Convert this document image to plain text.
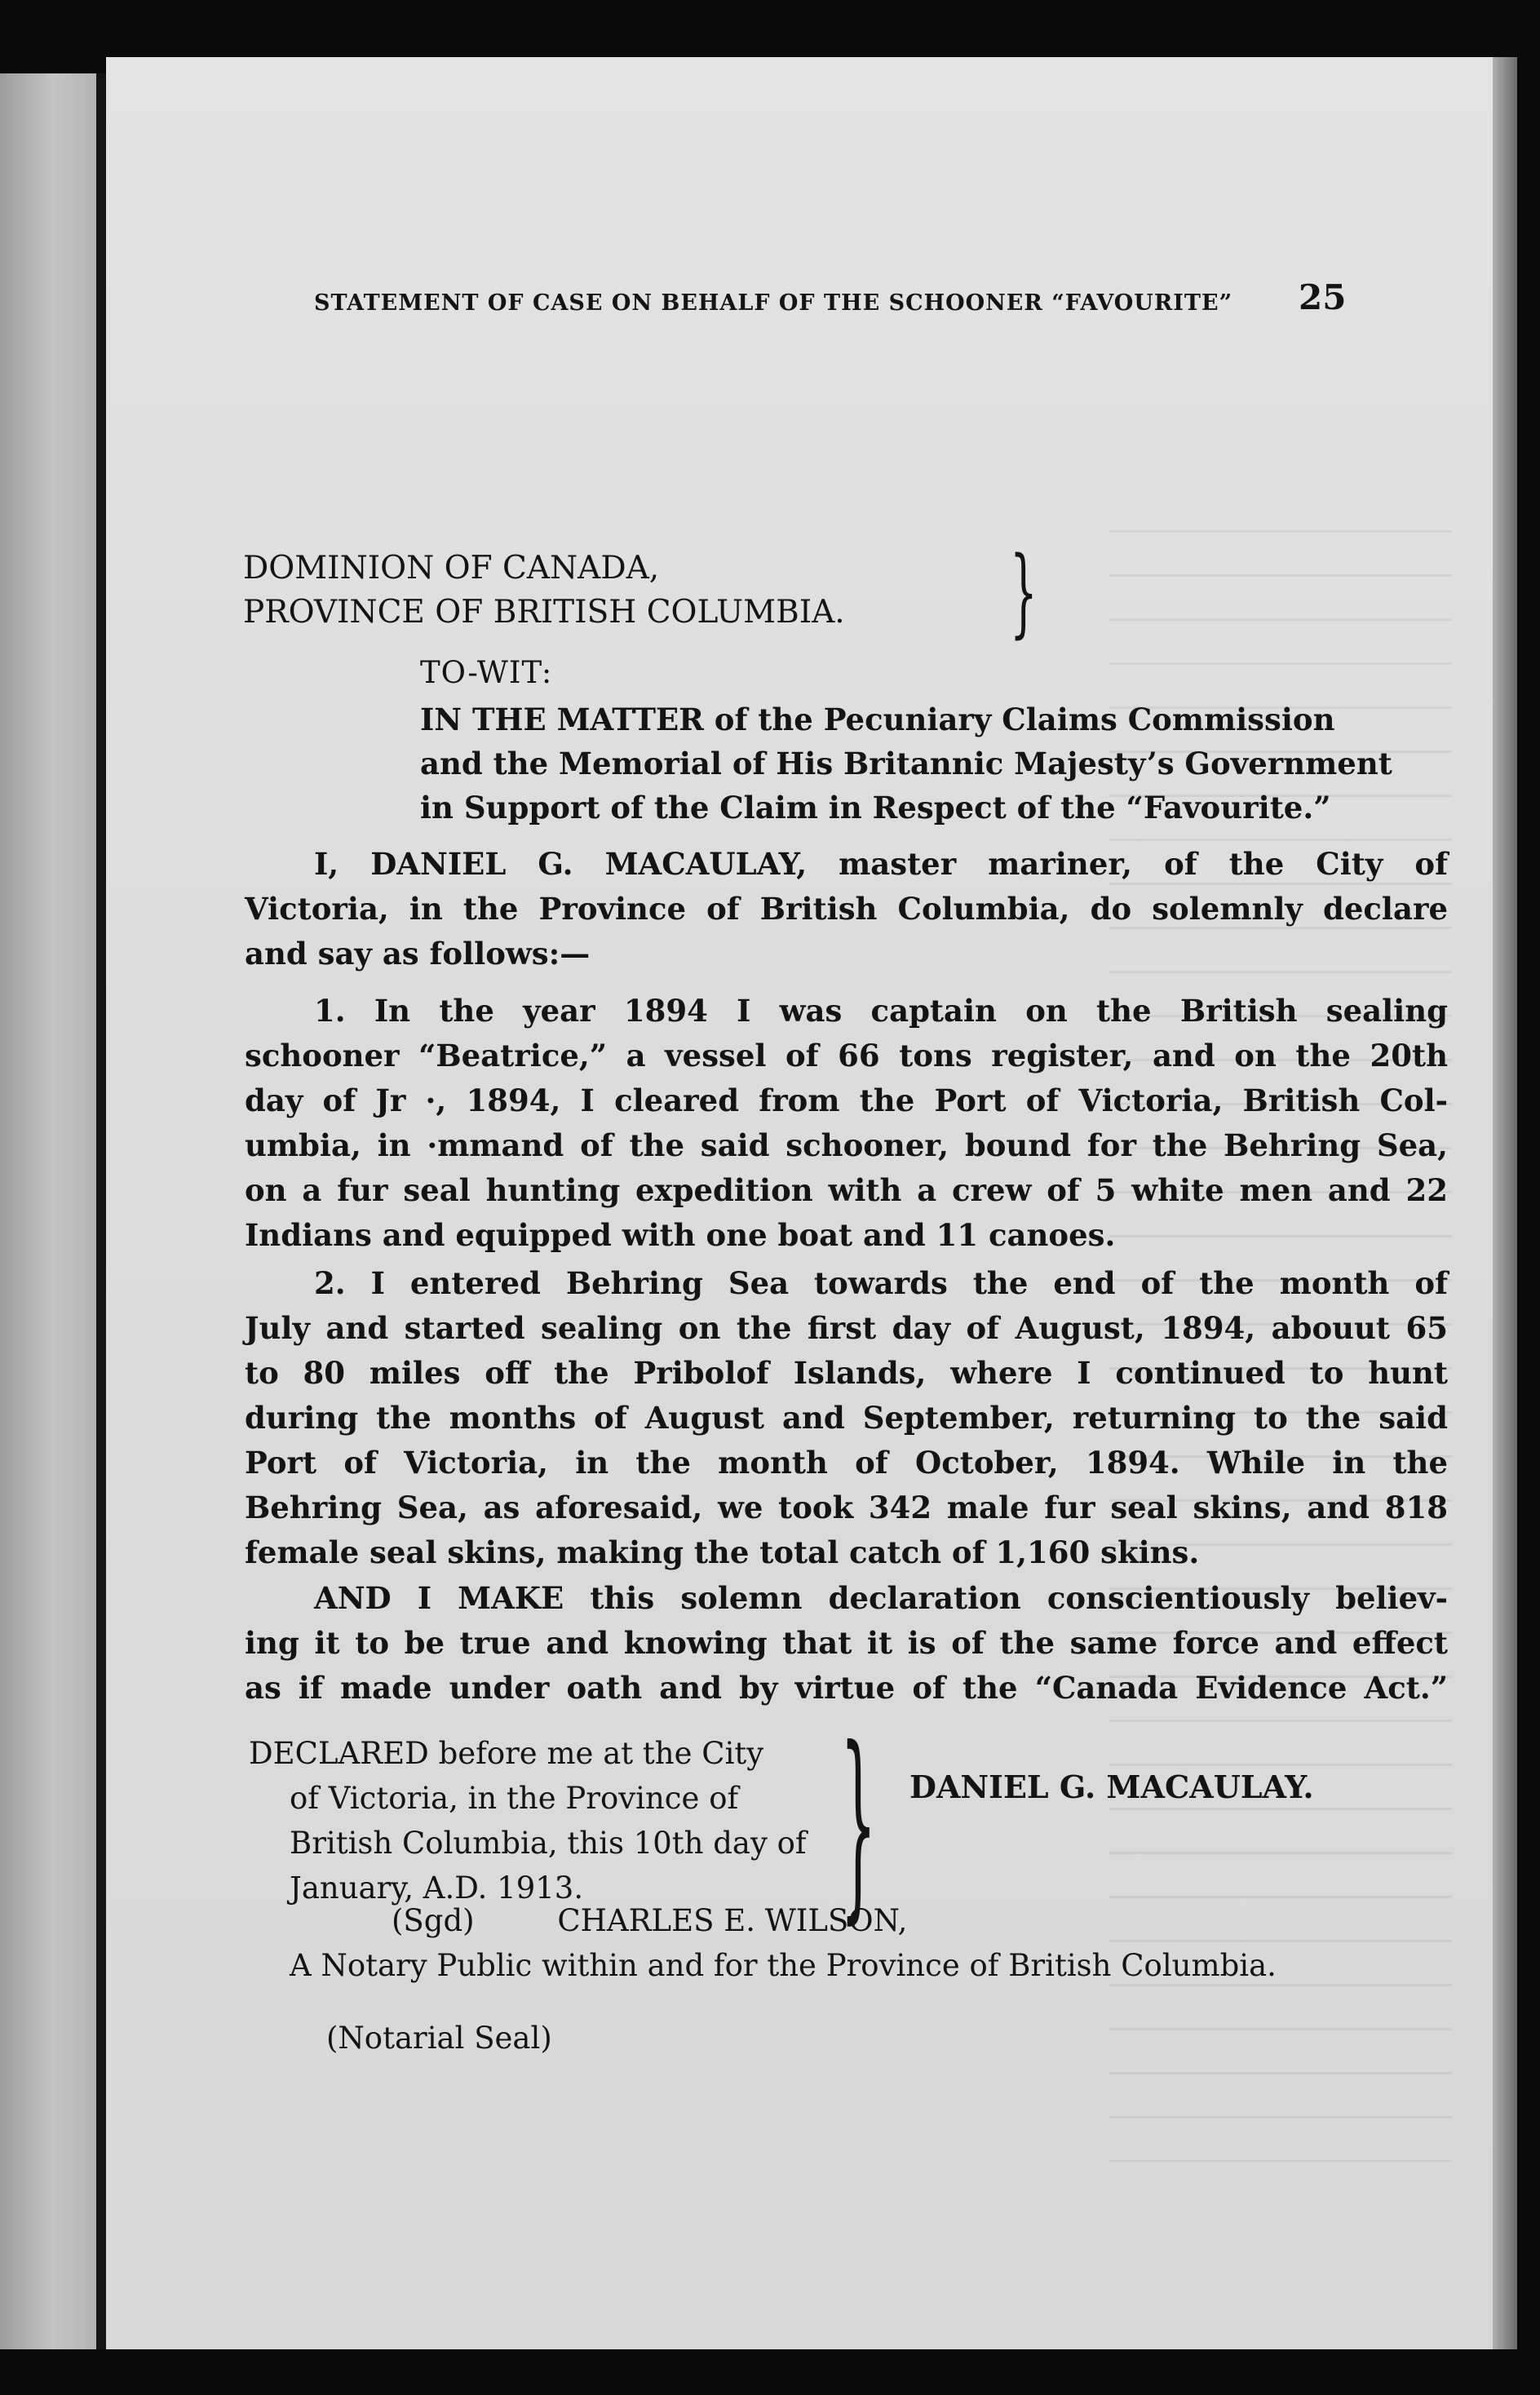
STATEMENT OF CASE ON BEHALF OF THE SCHOONER “FAVOURITE” 25
DOMINION OF CANADA,
PROVINCE OF BRITISH COLUMBIA.	}
TO-WIT:
IN THE MATTER of the Pecuniary Claims Commission
and the Memorial of His Britannic Majesty’s Government
in Support of the Claim in Respect of the “Favourite.”
I, DANIEL G. MACAULAY, master mariner, of the City of
Victoria, in the Province of British Columbia, do solemnly declare
and say as follows:—
1. In the year 1894 I was captain on the British sealing
schooner “Beatrice,” a vessel of 66 tons register, and on the 20th
day of Jr ·, 1894, I cleared from the Port of Victoria, British Col-
umbia, in ·mmand of the said schooner, bound for the Behring Sea,
on a fur seal hunting expedition with a crew of 5 white men and 22
Indians and equipped with one boat and 11 canoes.
2. I entered Behring Sea towards the end of the month of
July and started sealing on the first day of August, 1894, abouut 65
to 80 miles off the Pribolof Islands, where I continued to hunt
during the months of August and September, returning to the said
Port of Victoria, in the month of October, 1894. While in the
Behring Sea, as aforesaid, we took 342 male fur seal skins, and 818
female seal skins, making the total catch of 1,160 skins.
AND I MAKE this solemn declaration conscientiously believ-
ing it to be true and knowing that it is of the same force and effect
as if made under oath and by virtue of the “Canada Evidence Act.”
DECLARED before me at the City
of Victoria, in the Province of
British Columbia, this 10th day of
January, A.D. 1913.	} DANIEL G. MACAULAY.
(Sgd)	CHARLES E. WILSON,
A Notary Public within and for the Province of British Columbia.
(Notarial Seal)
